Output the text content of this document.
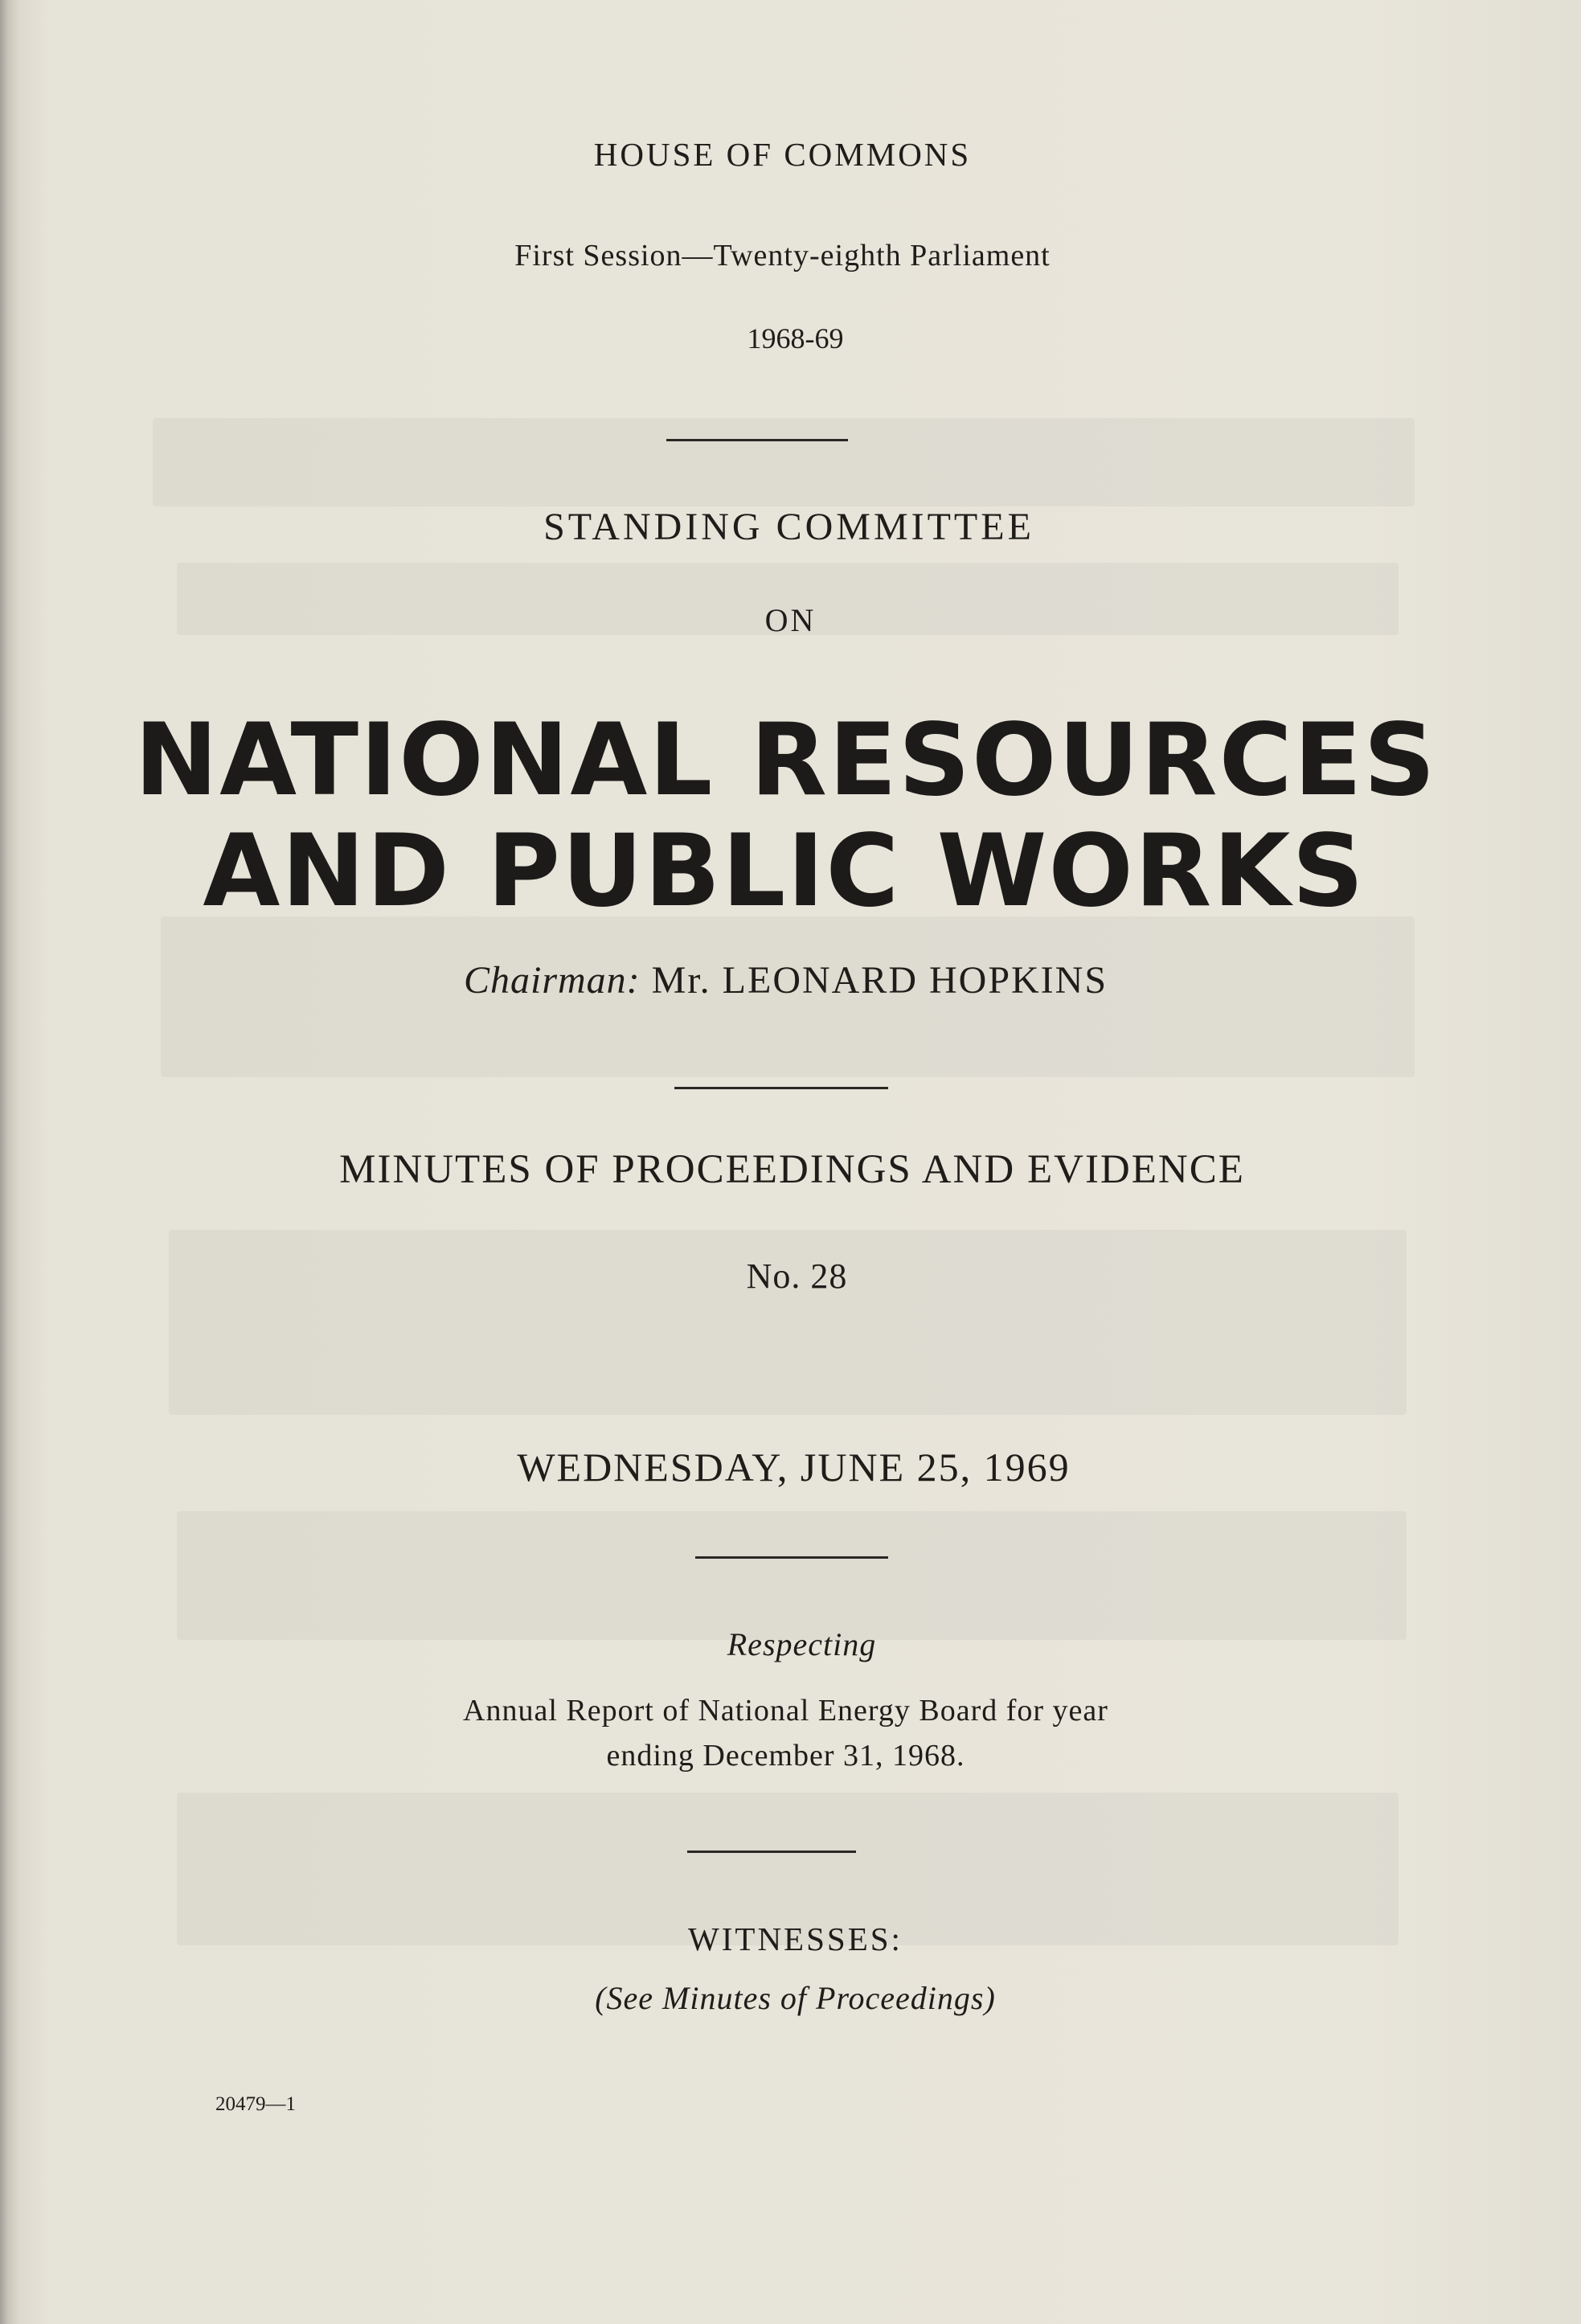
HOUSE OF COMMONS
First Session—Twenty-eighth Parliament
1968-69
STANDING COMMITTEE
ON
NATIONAL RESOURCES
AND PUBLIC WORKS
Chairman: Mr. LEONARD HOPKINS
MINUTES OF PROCEEDINGS AND EVIDENCE
No. 28
WEDNESDAY, JUNE 25, 1969
Respecting
Annual Report of National Energy Board for year
ending December 31, 1968.
WITNESSES:
(See Minutes of Proceedings)
20479—1
